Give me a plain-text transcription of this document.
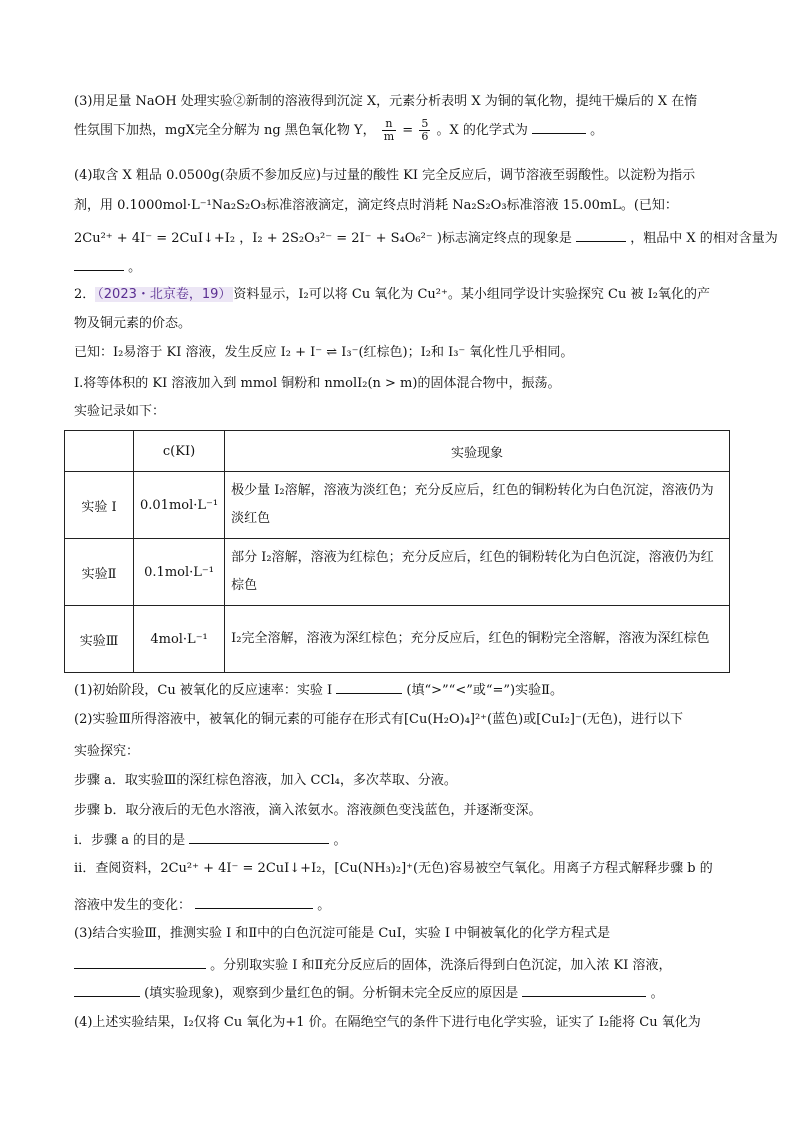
(3)用足量 NaOH 处理实验②新制的溶液得到沉淀 X，元素分析表明 X 为铜的氧化物，提纯干燥后的 X 在惰
性氛围下加热，mgX完全分解为 ng 黑色氧化物 Y， $\frac{n}{m} = \frac{5}{6}$ 。X 的化学式为	。
(4)取含 X 粗品 0.0500g(杂质不参加反应)与过量的酸性 KI 完全反应后，调节溶液至弱酸性。以淀粉为指示
剂，用 0.1000mol·L⁻¹Na₂S₂O₃标准溶液滴定，滴定终点时消耗 Na₂S₂O₃标准溶液 15.00mL。(已知：
2Cu²⁺ + 4I⁻ = 2CuI↓+I₂ ，I₂ + 2S₂O₃²⁻ = 2I⁻ + S₄O₆²⁻ )标志滴定终点的现象是	，粗品中 X 的相对含量为
。
2． （2023・北京卷，19） 资料显示，I₂可以将 Cu 氧化为 Cu²⁺。某小组同学设计实验探究 Cu 被 I₂氧化的产
物及铜元素的价态。
已知：I₂易溶于 KI 溶液，发生反应 I₂ + I⁻ ⇌ I₃⁻(红棕色)；I₂和 I₃⁻ 氧化性几乎相同。
I.将等体积的 KI 溶液加入到 mmol 铜粉和 nmolI₂(n > m)的固体混合物中，振荡。
实验记录如下：
	c(KI)	实验现象
实验 I	0.01mol·L⁻¹	极少量 I₂溶解，溶液为淡红色；充分反应后，红色的铜粉转化为白色沉淀，溶液仍为淡红色
实验Ⅱ	0.1mol·L⁻¹	部分 I₂溶解，溶液为红棕色；充分反应后，红色的铜粉转化为白色沉淀，溶液仍为红棕色
实验Ⅲ	4mol·L⁻¹	I₂完全溶解，溶液为深红棕色；充分反应后，红色的铜粉完全溶解，溶液为深红棕色
(1)初始阶段，Cu 被氧化的反应速率：实验 I	(填“>”“<”或“=”)实验Ⅱ。
(2)实验Ⅲ所得溶液中，被氧化的铜元素的可能存在形式有[Cu(H₂O)₄]²⁺(蓝色)或[CuI₂]⁻(无色)，进行以下
实验探究：
步骤 a．取实验Ⅲ的深红棕色溶液，加入 CCl₄，多次萃取、分液。
步骤 b．取分液后的无色水溶液，滴入浓氨水。溶液颜色变浅蓝色，并逐渐变深。
ⅰ．步骤 a 的目的是	。
ⅱ．查阅资料，2Cu²⁺ + 4I⁻ = 2CuI↓+I₂，[Cu(NH₃)₂]⁺(无色)容易被空气氧化。用离子方程式解释步骤 b 的
溶液中发生的变化：	。
(3)结合实验Ⅲ，推测实验 I 和Ⅱ中的白色沉淀可能是 CuI，实验 I 中铜被氧化的化学方程式是
。分别取实验 I 和Ⅱ充分反应后的固体，洗涤后得到白色沉淀，加入浓 KI 溶液，
(填实验现象)，观察到少量红色的铜。分析铜未完全反应的原因是	。
(4)上述实验结果，I₂仅将 Cu 氧化为+1 价。在隔绝空气的条件下进行电化学实验，证实了 I₂能将 Cu 氧化为
